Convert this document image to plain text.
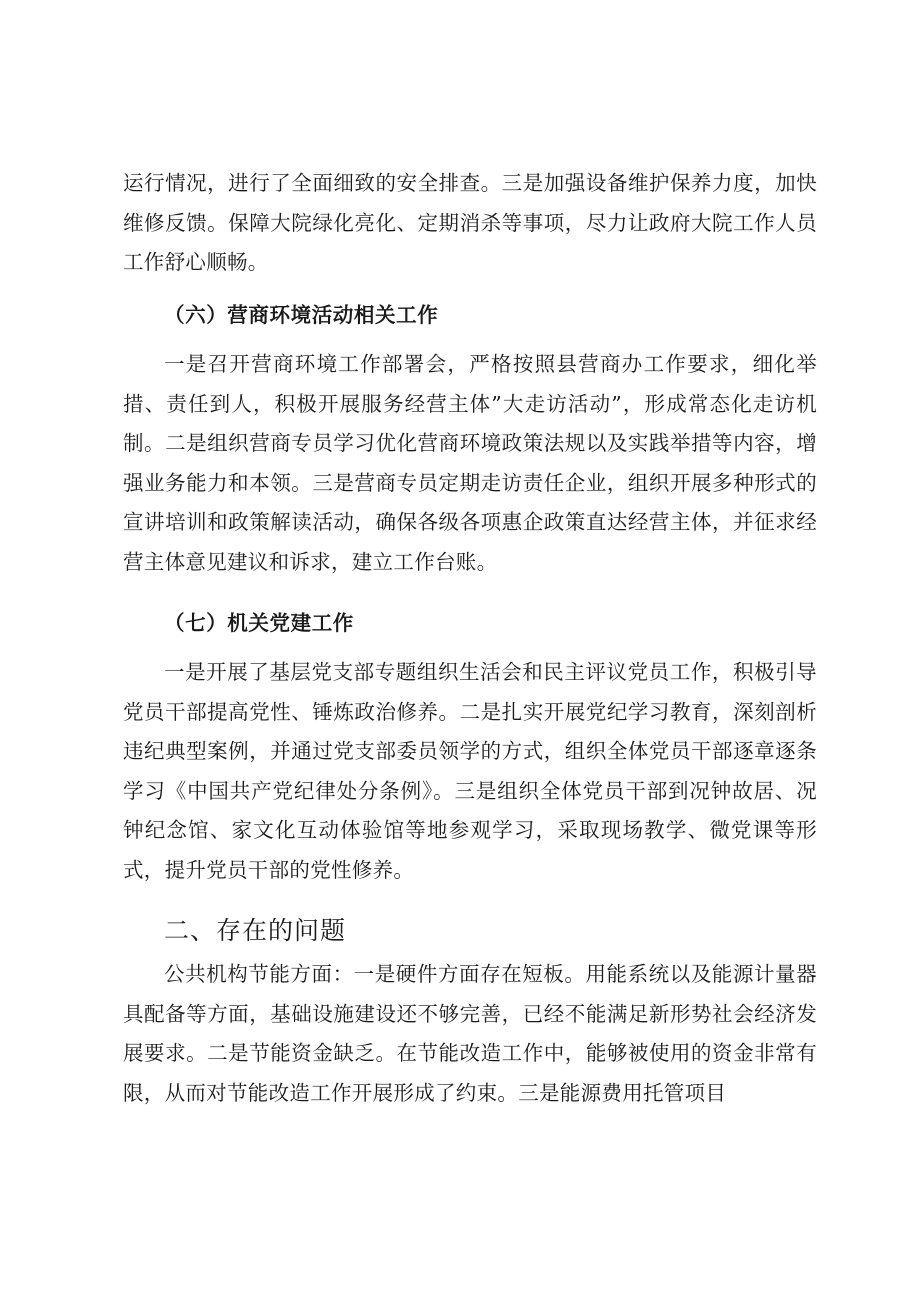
运行情况，进行了全面细致的安全排查。三是加强设备维护保养力度，加快维修反馈。保障大院绿化亮化、定期消杀等事项，尽力让政府大院工作人员工作舒心顺畅。

（六）营商环境活动相关工作

一是召开营商环境工作部署会，严格按照县营商办工作要求，细化举措、责任到人，积极开展服务经营主体”大走访活动”，形成常态化走访机制。二是组织营商专员学习优化营商环境政策法规以及实践举措等内容，增强业务能力和本领。三是营商专员定期走访责任企业，组织开展多种形式的宣讲培训和政策解读活动，确保各级各项惠企政策直达经营主体，并征求经营主体意见建议和诉求，建立工作台账。

（七）机关党建工作

一是开展了基层党支部专题组织生活会和民主评议党员工作，积极引导党员干部提高党性、锤炼政治修养。二是扎实开展党纪学习教育，深刻剖析违纪典型案例，并通过党支部委员领学的方式，组织全体党员干部逐章逐条学习《中国共产党纪律处分条例》。三是组织全体党员干部到况钟故居、况钟纪念馆、家文化互动体验馆等地参观学习，采取现场教学、微党课等形式，提升党员干部的党性修养。

二、存在的问题

公共机构节能方面：一是硬件方面存在短板。用能系统以及能源计量器具配备等方面，基础设施建设还不够完善，已经不能满足新形势社会经济发展要求。二是节能资金缺乏。在节能改造工作中，能够被使用的资金非常有限，从而对节能改造工作开展形成了约束。三是能源费用托管项目
